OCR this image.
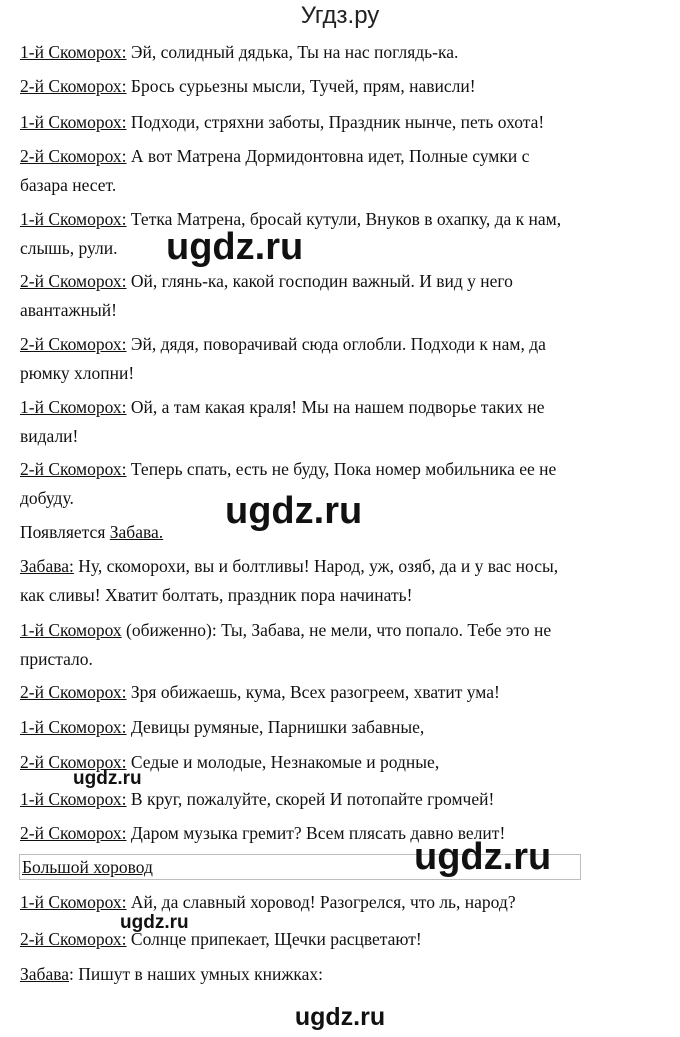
Угдз.ру

1-й Скоморох: Эй, солидный дядька, Ты на нас поглядь-ка.

2-й Скоморох: Брось сурьезны мысли, Тучей, прям, нависли!

1-й Скоморох: Подходи, стряхни заботы, Праздник нынче, петь охота!

2-й Скоморох: А вот Матрена Дормидонтовна идет, Полные сумки с базара несет.

1-й Скоморох: Тетка Матрена, бросай кутули, Внуков в охапку, да к нам, слышь, рули.

2-й Скоморох: Ой, глянь-ка, какой господин важный. И вид у него авантажный!

2-й Скоморох: Эй, дядя, поворачивай сюда оглобли. Подходи к нам, да рюмку хлопни!

1-й Скоморох: Ой, а там какая краля! Мы на нашем подворье таких не видали!

2-й Скоморох: Теперь спать, есть не буду, Пока номер мобильника ее не добуду.

Появляется Забава.

Забава: Ну, скоморохи, вы и болтливы! Народ, уж, озяб, да и у вас носы, как сливы! Хватит болтать, праздник пора начинать!

1-й Скоморох (обиженно): Ты, Забава, не мели, что попало. Тебе это не пристало.

2-й Скоморох: Зря обижаешь, кума, Всех разогреем, хватит ума!

1-й Скоморох: Девицы румяные, Парнишки забавные,

2-й Скоморох: Седые и молодые, Незнакомые и родные,

1-й Скоморох: В круг, пожалуйте, скорей И потопайте громчей!

2-й Скоморох: Даром музыка гремит? Всем плясать давно велит!

Большой хоровод

1-й Скоморох: Ай, да славный хоровод! Разогрелся, что ль, народ?

2-й Скоморох: Солнце припекает, Щечки расцветают!

Забава: Пишут в наших умных книжках:

ugdz.ru
ugdz.ru
ugdz.ru
ugdz.ru
ugdz.ru
ugdz.ru
